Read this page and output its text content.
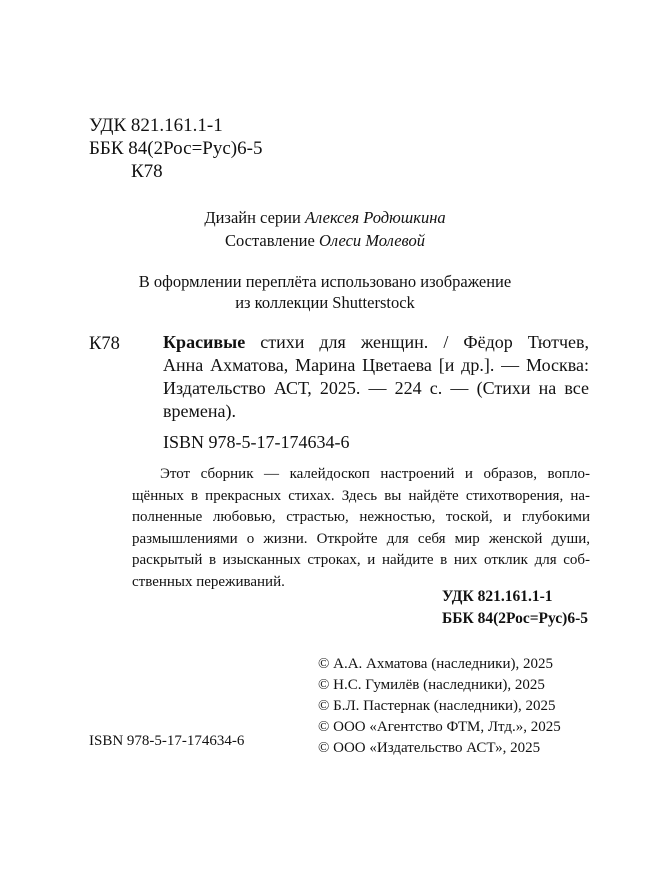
УДК 821.161.1-1
ББК 84(2Рос=Рус)6-5
К78
Дизайн серии Алексея Родюшкина
Составление Олеси Молевой
В оформлении переплёта использовано изображение
из коллекции Shutterstock
К78 Красивые стихи для женщин. / Фёдор Тютчев,
Анна Ахматова, Марина Цветаева [и др.]. — Москва:
Издательство АСТ, 2025. — 224 с. — (Стихи на все
времена).
ISBN 978-5-17-174634-6
Этот сборник — калейдоскоп настроений и образов, вопло-
щённых в прекрасных стихах. Здесь вы найдёте стихотворения, на-
полненные любовью, страстью, нежностью, тоской, и глубокими
размышлениями о жизни. Откройте для себя мир женской души,
раскрытый в изысканных строках, и найдите в них отклик для соб-
ственных переживаний.
УДК 821.161.1-1
ББК 84(2Рос=Рус)6-5
© А.А. Ахматова (наследники), 2025
© Н.С. Гумилёв (наследники), 2025
© Б.Л. Пастернак (наследники), 2025
© ООО «Агентство ФТМ, Лтд.», 2025
© ООО «Издательство АСТ», 2025
ISBN 978-5-17-174634-6
